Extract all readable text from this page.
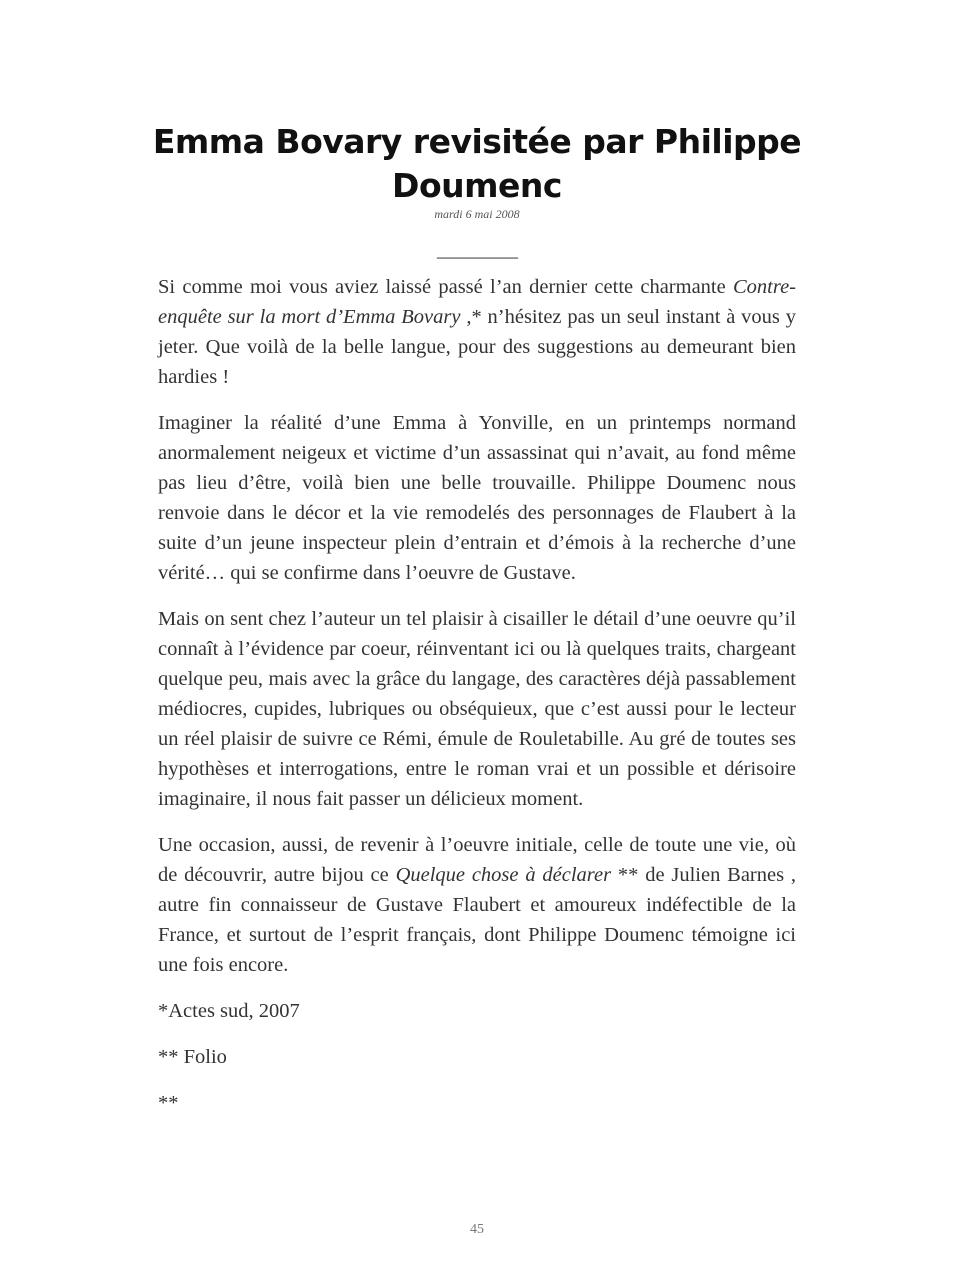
Emma Bovary revisitée par Philippe Doumenc
mardi 6 mai 2008
__________

Si comme moi vous aviez laissé passé l’an dernier cette charmante Contre-enquête sur la mort d’Emma Bovary ,* n’hésitez pas un seul instant à vous y jeter. Que voilà de la belle langue, pour des suggestions au demeurant bien hardies !

Imaginer la réalité d’une Emma à Yonville, en un printemps normand anormalement neigeux et victime d’un assassinat qui n’avait, au fond même pas lieu d’être, voilà bien une belle trouvaille. Philippe Doumenc nous renvoie dans le décor et la vie remodelés des personnages de Flaubert à la suite d’un jeune inspecteur plein d’entrain et d’émois à la recherche d’une vérité… qui se confirme dans l’oeuvre de Gustave.

Mais on sent chez l’auteur un tel plaisir à cisailler le détail d’une oeuvre qu’il connaît à l’évidence par coeur, réinventant ici ou là quelques traits, chargeant quelque peu, mais avec la grâce du langage, des caractères déjà passablement médiocres, cupides, lubriques ou obséquieux, que c’est aussi pour le lecteur un réel plaisir de suivre ce Rémi, émule de Rouletabille. Au gré de toutes ses hypothèses et interrogations, entre le roman vrai et un possible et dérisoire imaginaire, il nous fait passer un délicieux moment.

Une occasion, aussi, de revenir à l’oeuvre initiale, celle de toute une vie, où de découvrir, autre bijou ce Quelque chose à déclarer ** de Julien Barnes , autre fin connaisseur de Gustave Flaubert et amoureux indéfectible de la France, et surtout de l’esprit français, dont Philippe Doumenc témoigne ici une fois encore.

*Actes sud, 2007

** Folio

**

45
